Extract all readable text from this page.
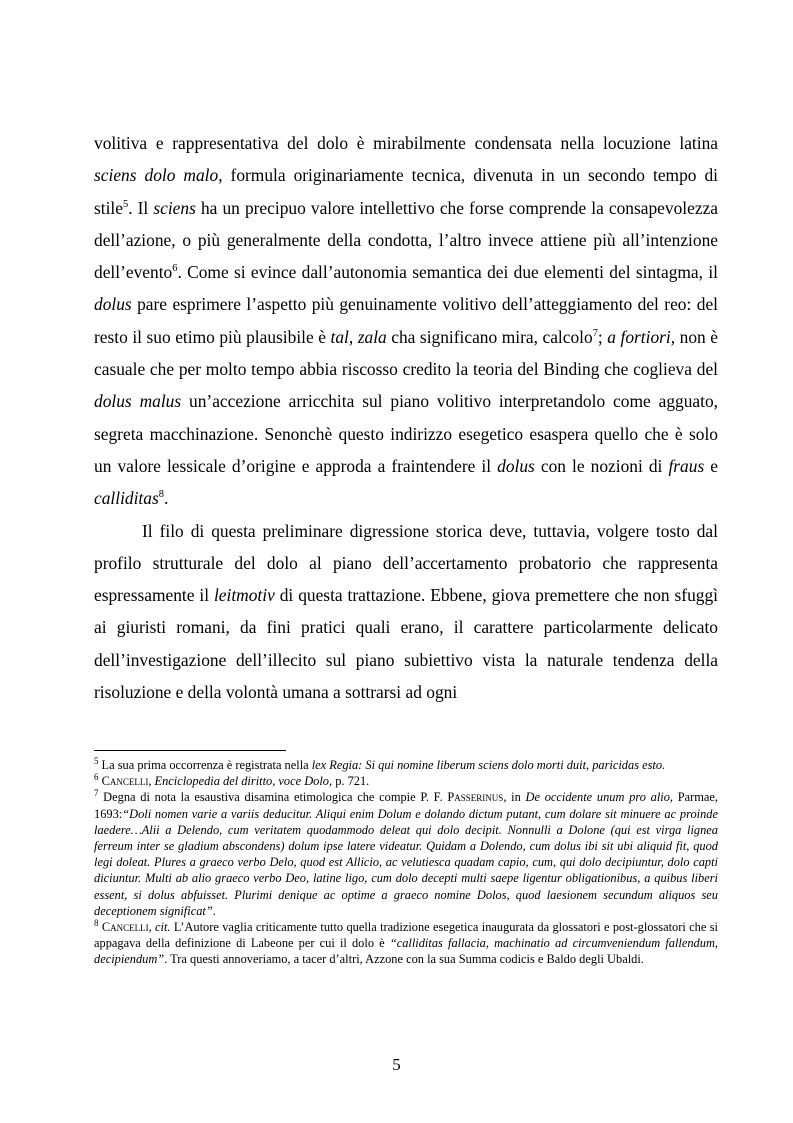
volitiva e rappresentativa del dolo è mirabilmente condensata nella locuzione latina sciens dolo malo, formula originariamente tecnica, divenuta in un secondo tempo di stile$^5$. Il sciens ha un precipuo valore intellettivo che forse comprende la consapevolezza dell’azione, o più generalmente della condotta, l’altro invece attiene più all’intenzione dell’evento$^6$. Come si evince dall’autonomia semantica dei due elementi del sintagma, il dolus pare esprimere l’aspetto più genuinamente volitivo dell’atteggiamento del reo: del resto il suo etimo più plausibile è tal, zala cha significano mira, calcolo$^7$; a fortiori, non è casuale che per molto tempo abbia riscosso credito la teoria del Binding che coglieva del dolus malus un’accezione arricchita sul piano volitivo interpretandolo come agguato, segreta macchinazione. Senonchè questo indirizzo esegetico esaspera quello che è solo un valore lessicale d’origine e approda a fraintendere il dolus con le nozioni di fraus e calliditas$^8$.

Il filo di questa preliminare digressione storica deve, tuttavia, volgere tosto dal profilo strutturale del dolo al piano dell’accertamento probatorio che rappresenta espressamente il leitmotiv di questa trattazione. Ebbene, giova premettere che non sfuggì ai giuristi romani, da fini pratici quali erano, il carattere particolarmente delicato dell’investigazione dell’illecito sul piano subiettivo vista la naturale tendenza della risoluzione e della volontà umana a sottrarsi ad ogni

$^5$ La sua prima occorrenza è registrata nella lex Regia: Si qui nomine liberum sciens dolo morti duit, paricidas esto.

$^6$ Cancelli, Enciclopedia del diritto, voce Dolo, p. 721.

$^7$ Degna di nota la esaustiva disamina etimologica che compie P. F. Passerinus, in De occidente unum pro alio, Parmae, 1693:“Doli nomen varie a variis deducitur. Aliqui enim Dolum e dolando dictum putant, cum dolare sit minuere ac proinde laedere…Alii a Delendo, cum veritatem quodammodo deleat qui dolo decipit. Nonnulli a Dolone (qui est virga lignea ferreum inter se gladium abscondens) dolum ipse latere videatur. Quidam a Dolendo, cum dolus ibi sit ubi aliquid fit, quod legi doleat. Plures a graeco verbo Delo, quod est Allicio, ac velutiesca quadam capio, cum, qui dolo decipiuntur, dolo capti diciuntur. Multi ab alio graeco verbo Deo, latine ligo, cum dolo decepti multi saepe ligentur obligationibus, a quibus liberi essent, si dolus abfuisset. Plurimi denique ac optime a graeco nomine Dolos, quod laesionem secundum aliquos seu deceptionem significat”.

$^8$ Cancelli, cit. L’Autore vaglia criticamente tutto quella tradizione esegetica inaugurata da glossatori e post-glossatori che si appagava della definizione di Labeone per cui il dolo è “calliditas fallacia, machinatio ad circumveniendum fallendum, decipiendum”. Tra questi annoveriamo, a tacer d’altri, Azzone con la sua Summa codicis e Baldo degli Ubaldi.

5
